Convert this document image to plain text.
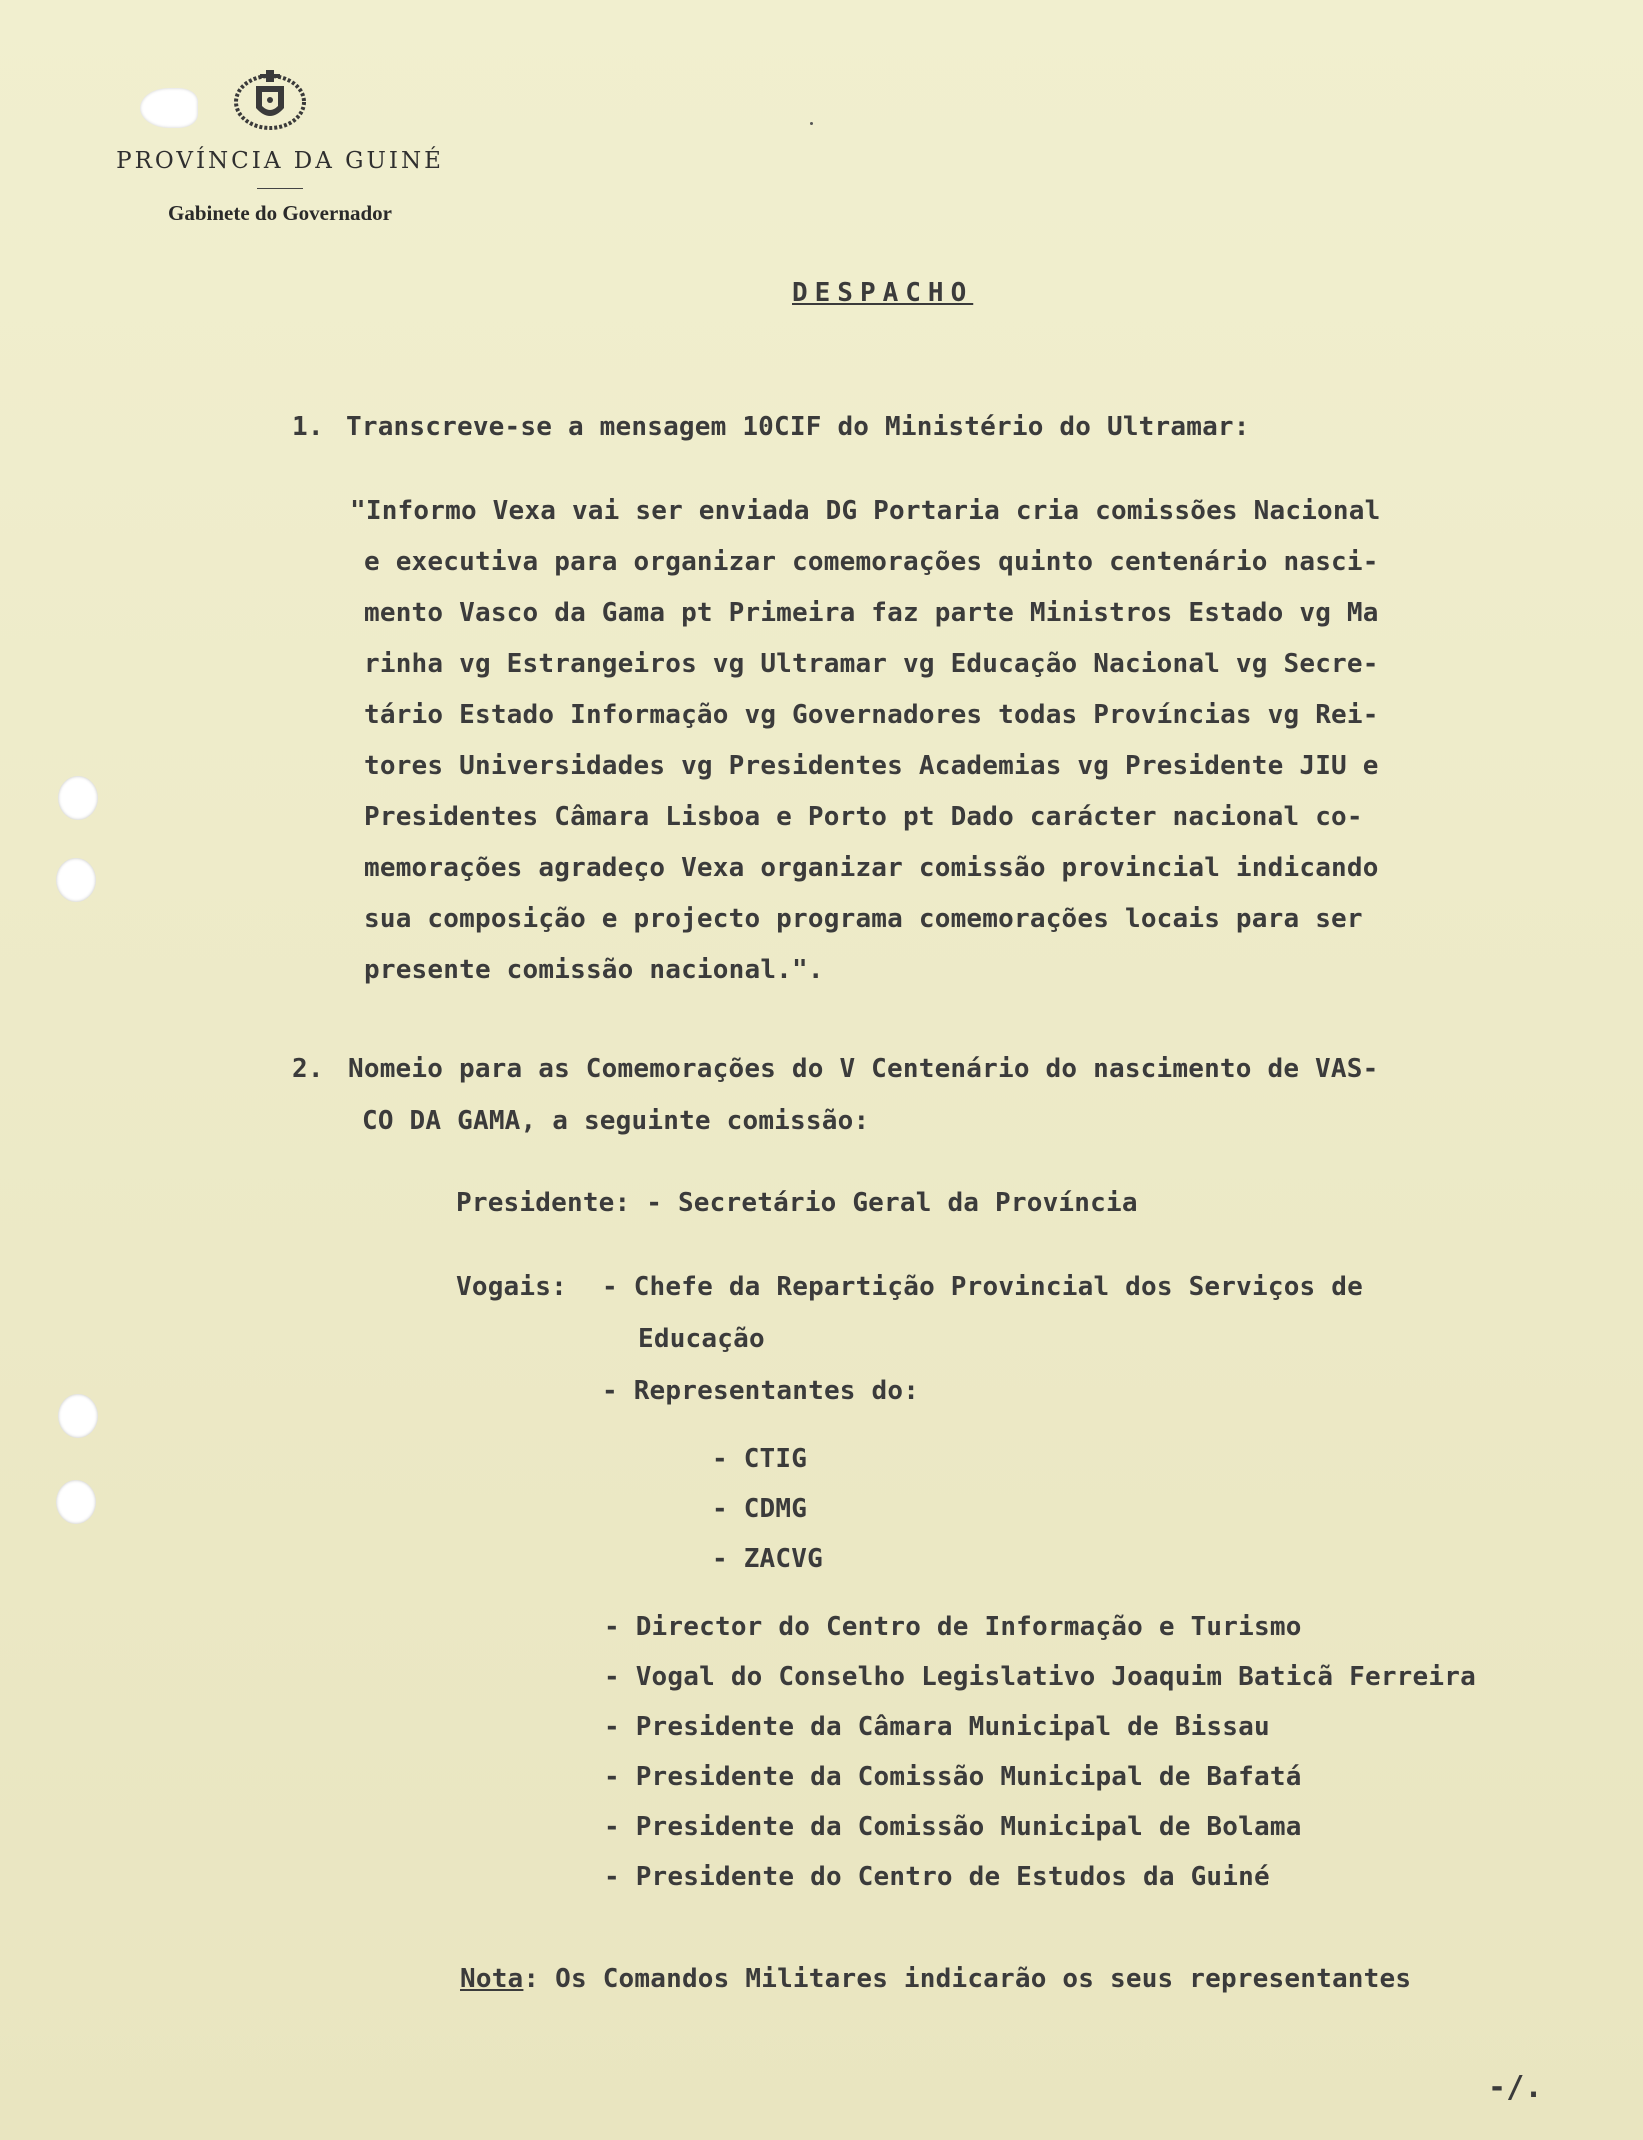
PROVÍNCIA DA GUINÉ
Gabinete do Governador
DESPACHO
1. Transcreve-se a mensagem 10CIF do Ministério do Ultramar:
"Informo Vexa vai ser enviada DG Portaria cria comissões Nacional
e executiva para organizar comemorações quinto centenário nasci-
mento Vasco da Gama pt Primeira faz parte Ministros Estado vg Ma
rinha vg Estrangeiros vg Ultramar vg Educação Nacional vg Secre-
tário Estado Informação vg Governadores todas Províncias vg Rei-
tores Universidades vg Presidentes Academias vg Presidente JIU e
Presidentes Câmara Lisboa e Porto pt Dado carácter nacional co-
memorações agradeço Vexa organizar comissão provincial indicando
sua composição e projecto programa comemorações locais para ser
presente comissão nacional.".
2. Nomeio para as Comemorações do V Centenário do nascimento de VAS-
CO DA GAMA, a seguinte comissão:
Presidente: - Secretário Geral da Província
Vogais: - Chefe da Repartição Provincial dos Serviços de
Educação
- Representantes do:
- CTIG
- CDMG
- ZACVG
- Director do Centro de Informação e Turismo
- Vogal do Conselho Legislativo Joaquim Baticã Ferreira
- Presidente da Câmara Municipal de Bissau
- Presidente da Comissão Municipal de Bafatá
- Presidente da Comissão Municipal de Bolama
- Presidente do Centro de Estudos da Guiné
Nota: Os Comandos Militares indicarão os seus representantes
-/.
